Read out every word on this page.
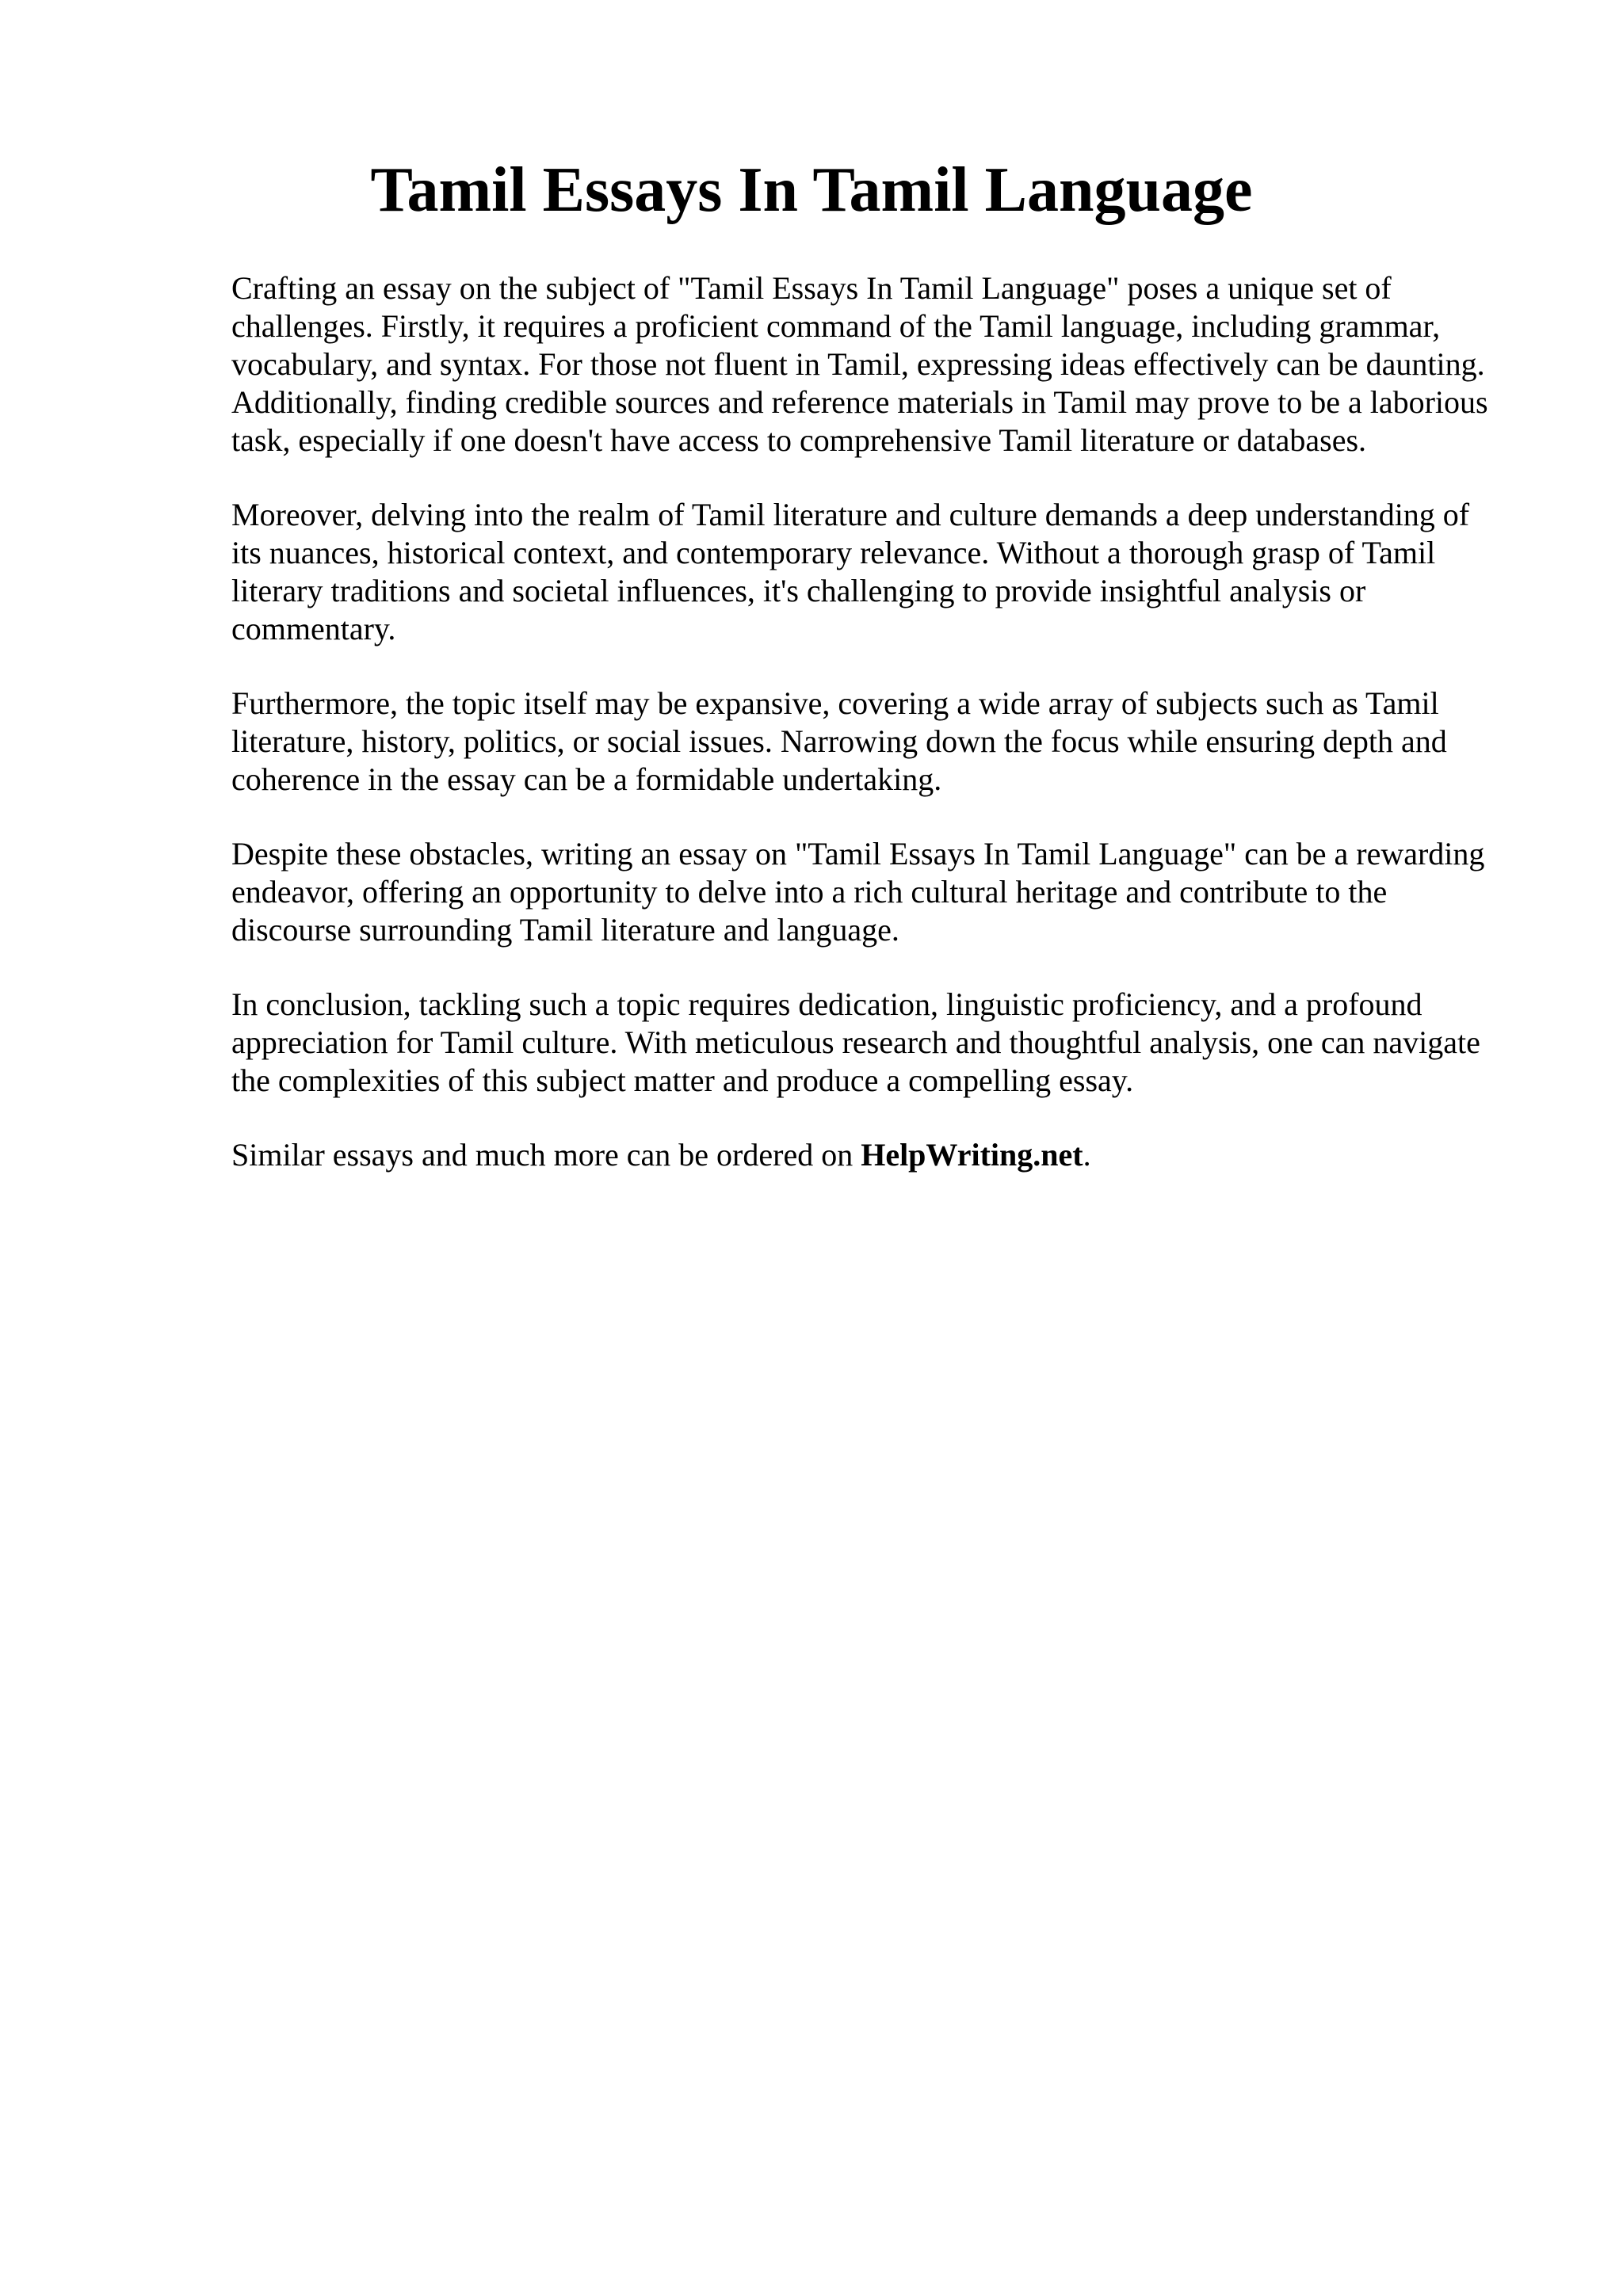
Tamil Essays In Tamil Language

Crafting an essay on the subject of "Tamil Essays In Tamil Language" poses a unique set of challenges. Firstly, it requires a proficient command of the Tamil language, including grammar, vocabulary, and syntax. For those not fluent in Tamil, expressing ideas effectively can be daunting. Additionally, finding credible sources and reference materials in Tamil may prove to be a laborious task, especially if one doesn't have access to comprehensive Tamil literature or databases.

Moreover, delving into the realm of Tamil literature and culture demands a deep understanding of its nuances, historical context, and contemporary relevance. Without a thorough grasp of Tamil literary traditions and societal influences, it's challenging to provide insightful analysis or commentary.

Furthermore, the topic itself may be expansive, covering a wide array of subjects such as Tamil literature, history, politics, or social issues. Narrowing down the focus while ensuring depth and coherence in the essay can be a formidable undertaking.

Despite these obstacles, writing an essay on "Tamil Essays In Tamil Language" can be a rewarding endeavor, offering an opportunity to delve into a rich cultural heritage and contribute to the discourse surrounding Tamil literature and language.

In conclusion, tackling such a topic requires dedication, linguistic proficiency, and a profound appreciation for Tamil culture. With meticulous research and thoughtful analysis, one can navigate the complexities of this subject matter and produce a compelling essay.

Similar essays and much more can be ordered on HelpWriting.net.
